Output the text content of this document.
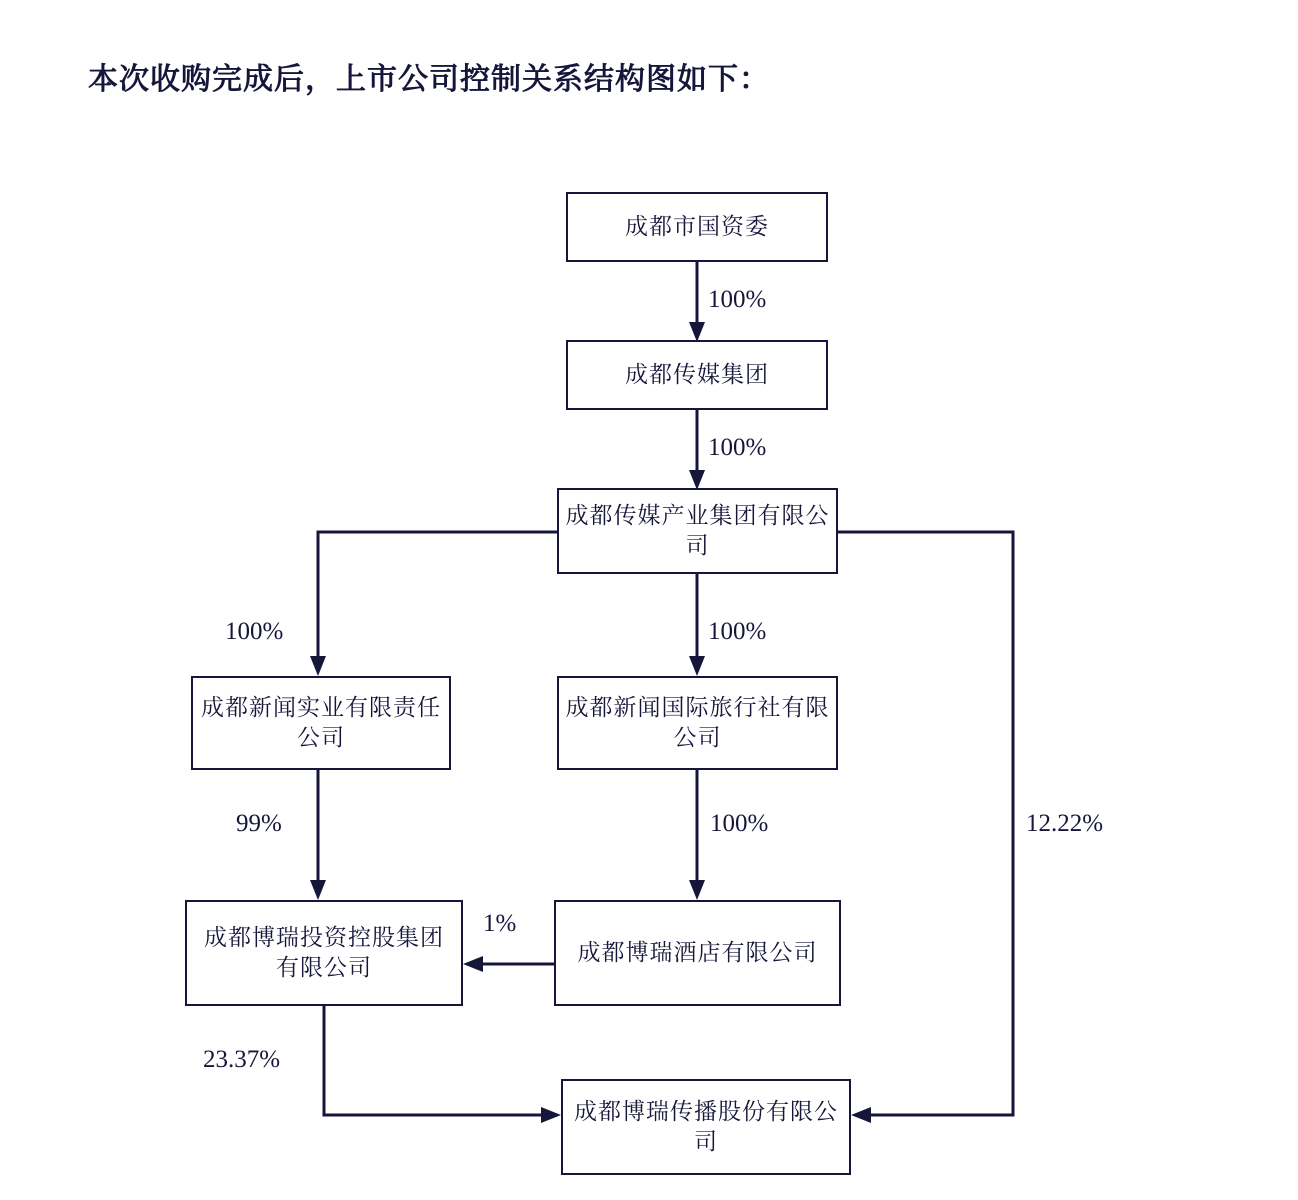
本次收购完成后，上市公司控制关系结构图如下：
成都市国资委
成都传媒集团
成都传媒产业集团有限公司
成都新闻实业有限责任公司
成都新闻国际旅行社有限公司
成都博瑞投资控股集团有限公司
成都博瑞酒店有限公司
成都博瑞传播股份有限公司
100%
100%
100%	100%
99%	100%
1%
23.37%
12.22%
